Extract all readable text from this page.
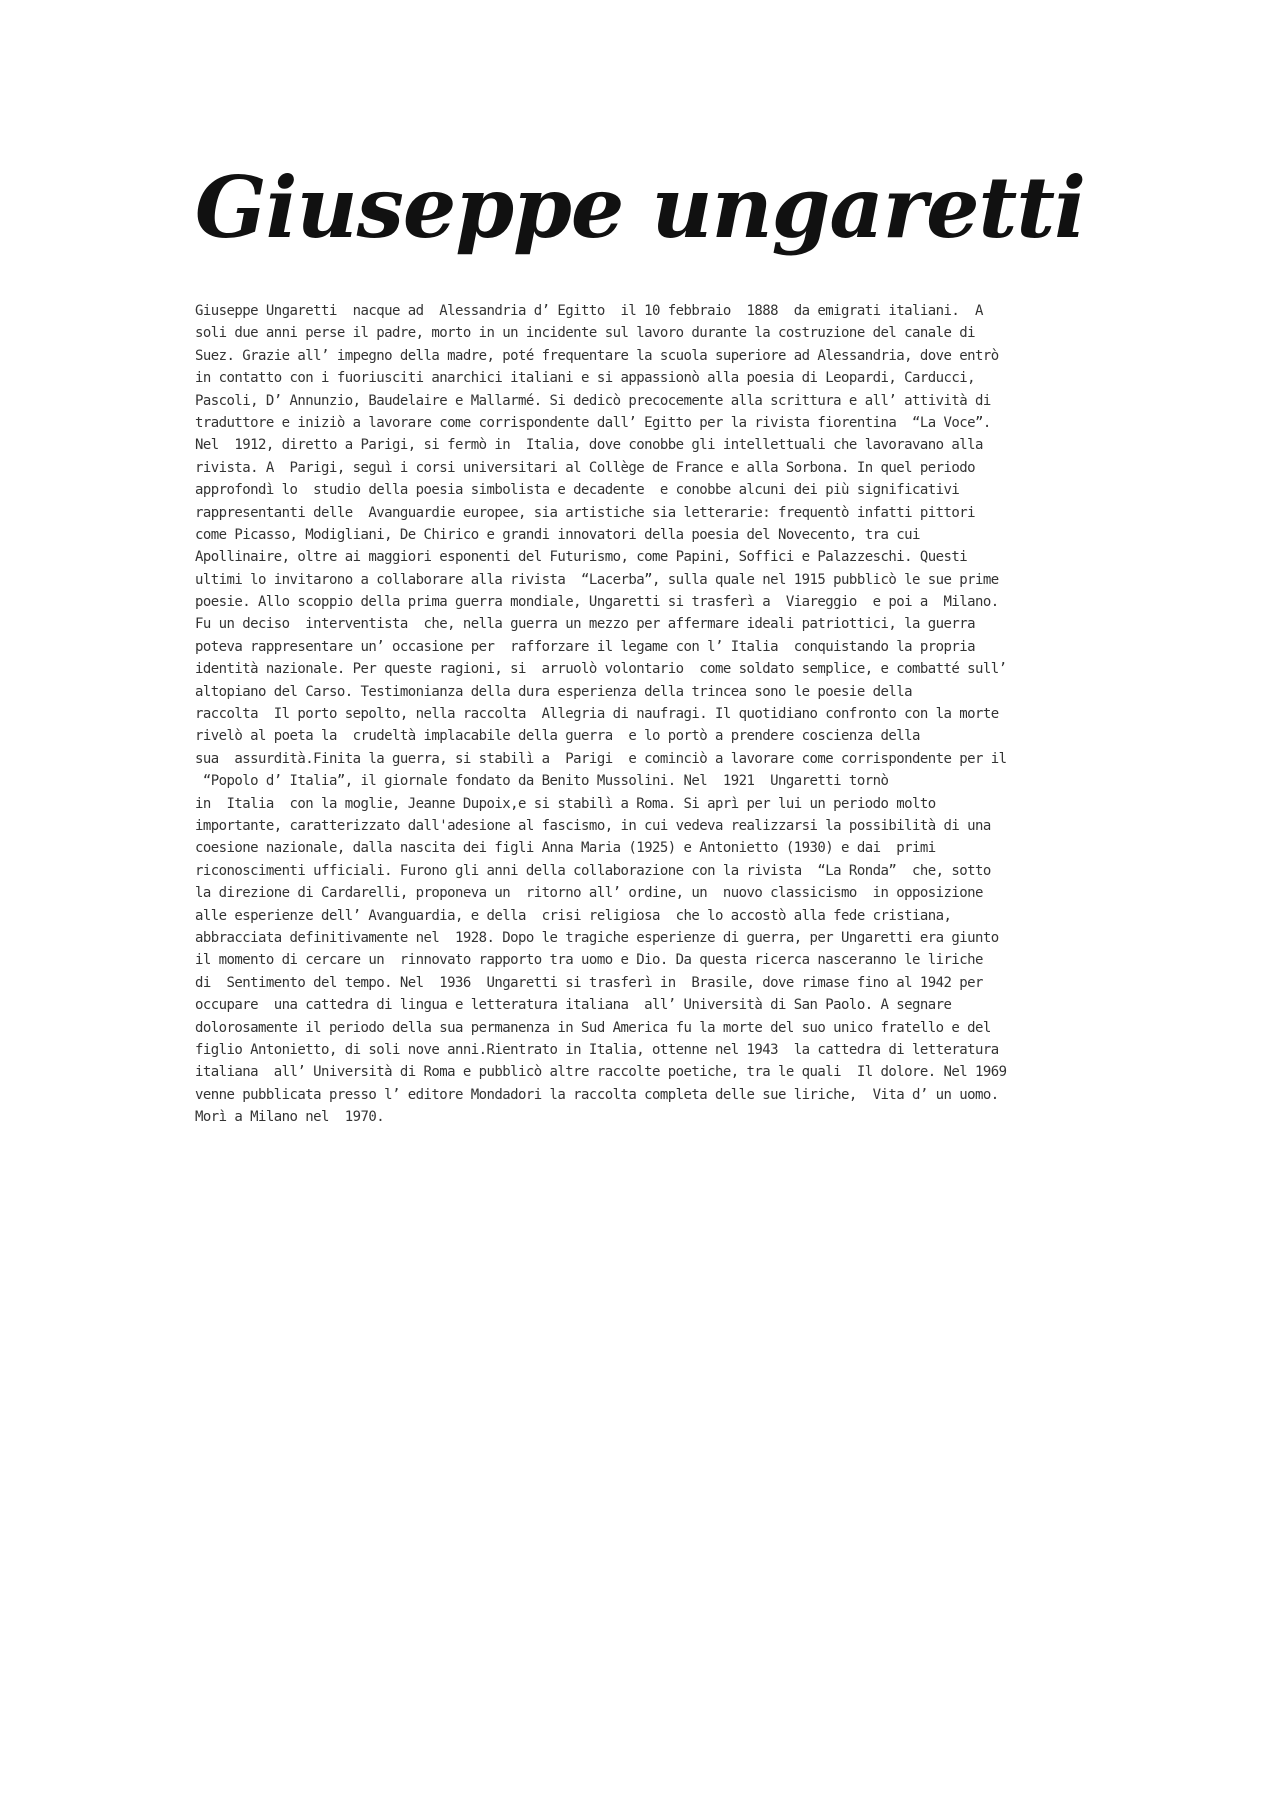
Giuseppe ungaretti
Giuseppe Ungaretti  nacque ad  Alessandria d’ Egitto  il 10 febbraio  1888  da emigrati italiani.  A
soli due anni perse il padre, morto in un incidente sul lavoro durante la costruzione del canale di
Suez. Grazie all’ impegno della madre, poté frequentare la scuola superiore ad Alessandria, dove entrò
in contatto con i fuoriusciti anarchici italiani e si appassionò alla poesia di Leopardi, Carducci,
Pascoli, D’ Annunzio, Baudelaire e Mallarmé. Si dedicò precocemente alla scrittura e all’ attività di
traduttore e iniziò a lavorare come corrispondente dall’ Egitto per la rivista fiorentina  “La Voce”.
Nel  1912, diretto a Parigi, si fermò in  Italia, dove conobbe gli intellettuali che lavoravano alla
rivista. A  Parigi, seguì i corsi universitari al Collège de France e alla Sorbona. In quel periodo
approfondì lo  studio della poesia simbolista e decadente  e conobbe alcuni dei più significativi
rappresentanti delle  Avanguardie europee, sia artistiche sia letterarie: frequentò infatti pittori
come Picasso, Modigliani, De Chirico e grandi innovatori della poesia del Novecento, tra cui
Apollinaire, oltre ai maggiori esponenti del Futurismo, come Papini, Soffici e Palazzeschi. Questi
ultimi lo invitarono a collaborare alla rivista  “Lacerba”, sulla quale nel 1915 pubblicò le sue prime
poesie. Allo scoppio della prima guerra mondiale, Ungaretti si trasferì a  Viareggio  e poi a  Milano.
Fu un deciso  interventista  che, nella guerra un mezzo per affermare ideali patriottici, la guerra
poteva rappresentare un’ occasione per  rafforzare il legame con l’ Italia  conquistando la propria
identità nazionale. Per queste ragioni, si  arruolò volontario  come soldato semplice, e combatté sull’
altopiano del Carso. Testimonianza della dura esperienza della trincea sono le poesie della
raccolta  Il porto sepolto, nella raccolta  Allegria di naufragi. Il quotidiano confronto con la morte
rivelò al poeta la  crudeltà implacabile della guerra  e lo portò a prendere coscienza della
sua  assurdità.Finita la guerra, si stabilì a  Parigi  e cominciò a lavorare come corrispondente per il
“Popolo d’ Italia”, il giornale fondato da Benito Mussolini. Nel  1921  Ungaretti tornò
in  Italia  con la moglie, Jeanne Dupoix,e si stabilì a Roma. Si aprì per lui un periodo molto
importante, caratterizzato dall'adesione al fascismo, in cui vedeva realizzarsi la possibilità di una
coesione nazionale, dalla nascita dei figli Anna Maria (1925) e Antonietto (1930) e dai  primi
riconoscimenti ufficiali. Furono gli anni della collaborazione con la rivista  “La Ronda”  che, sotto
la direzione di Cardarelli, proponeva un  ritorno all’ ordine, un  nuovo classicismo  in opposizione
alle esperienze dell’ Avanguardia, e della  crisi religiosa  che lo accostò alla fede cristiana,
abbracciata definitivamente nel  1928. Dopo le tragiche esperienze di guerra, per Ungaretti era giunto
il momento di cercare un  rinnovato rapporto tra uomo e Dio. Da questa ricerca nasceranno le liriche
di  Sentimento del tempo. Nel  1936  Ungaretti si trasferì in  Brasile, dove rimase fino al 1942 per
occupare  una cattedra di lingua e letteratura italiana  all’ Università di San Paolo. A segnare
dolorosamente il periodo della sua permanenza in Sud America fu la morte del suo unico fratello e del
figlio Antonietto, di soli nove anni.Rientrato in Italia, ottenne nel 1943  la cattedra di letteratura
italiana  all’ Università di Roma e pubblicò altre raccolte poetiche, tra le quali  Il dolore. Nel 1969
venne pubblicata presso l’ editore Mondadori la raccolta completa delle sue liriche,  Vita d’ un uomo.
Morì a Milano nel  1970.
